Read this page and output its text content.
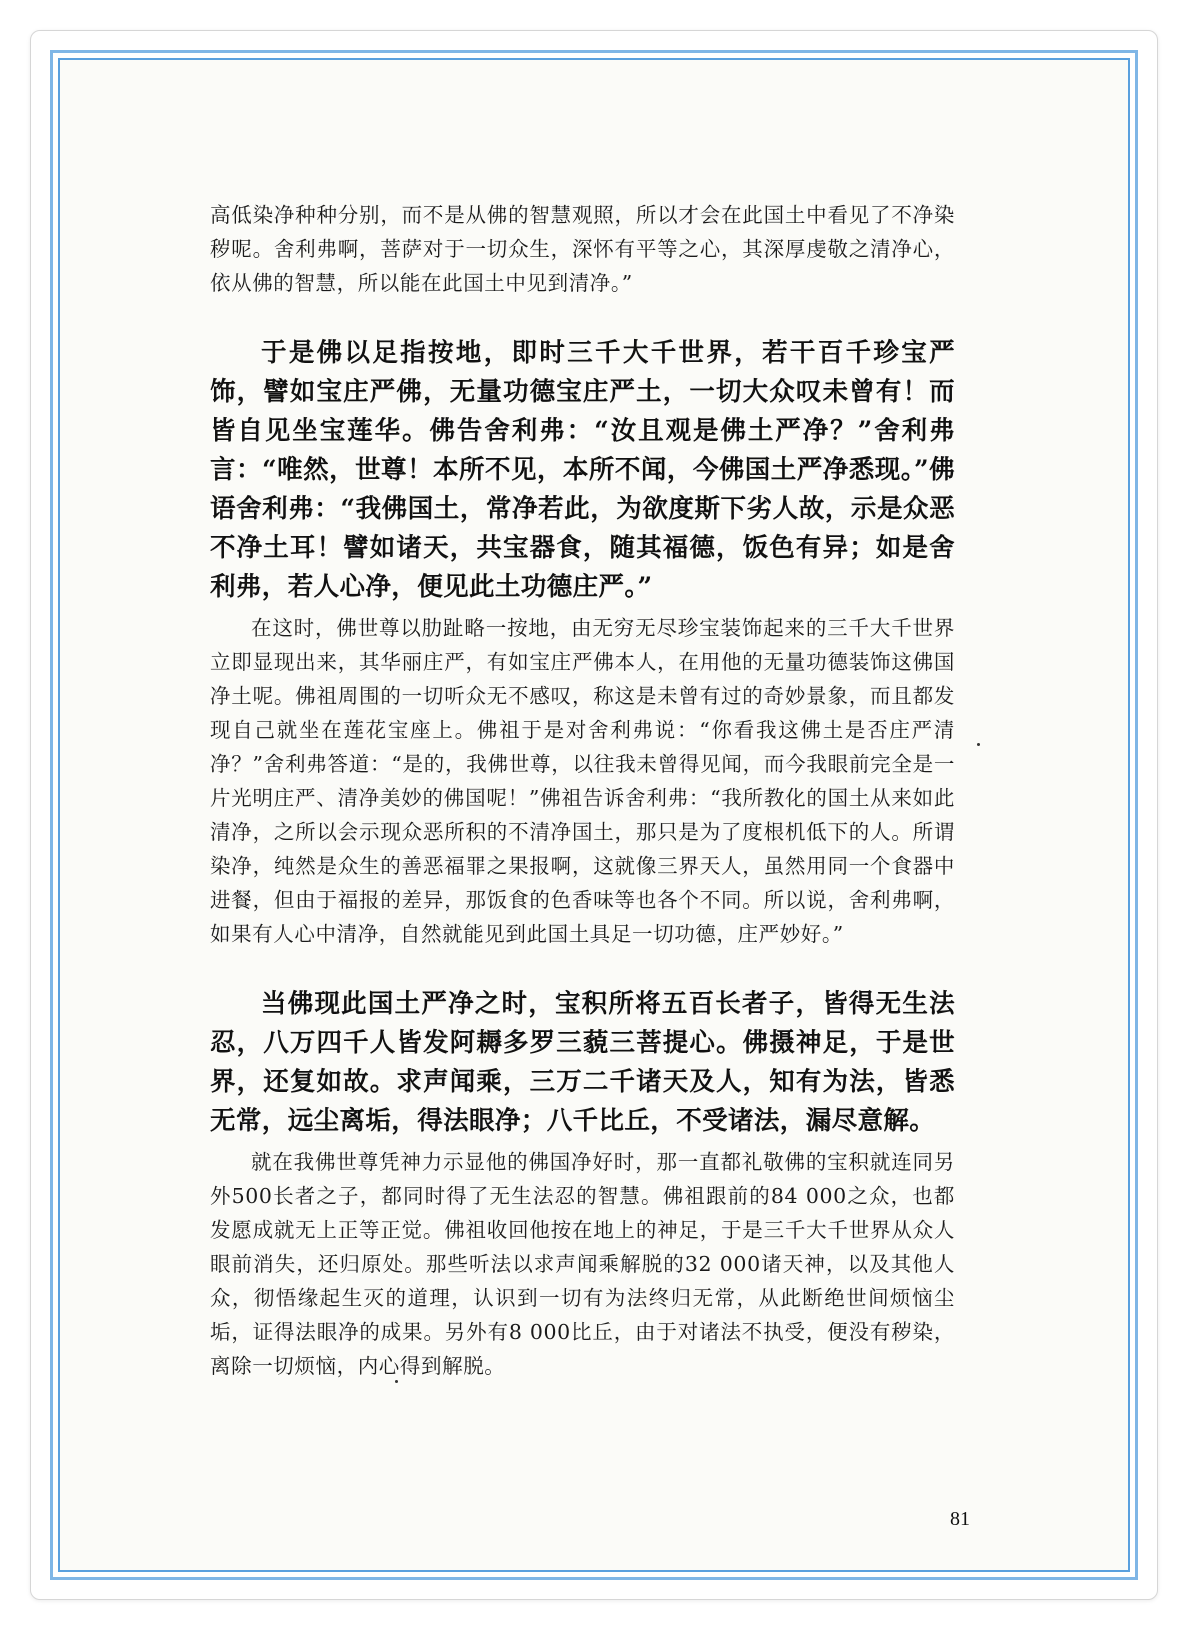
高低染净种种分别，而不是从佛的智慧观照，所以才会在此国土中看见了不净染秽呢。舍利弗啊，菩萨对于一切众生，深怀有平等之心，其深厚虔敬之清净心，依从佛的智慧，所以能在此国土中见到清净。”

于是佛以足指按地，即时三千大千世界，若干百千珍宝严饰，譬如宝庄严佛，无量功德宝庄严土，一切大众叹未曾有！而皆自见坐宝莲华。佛告舍利弗：“汝且观是佛土严净？”舍利弗言：“唯然，世尊！本所不见，本所不闻，今佛国土严净悉现。”佛语舍利弗：“我佛国土，常净若此，为欲度斯下劣人故，示是众恶不净土耳！譬如诸天，共宝器食，随其福德，饭色有异；如是舍利弗，若人心净，便见此土功德庄严。”

在这时，佛世尊以肋趾略一按地，由无穷无尽珍宝装饰起来的三千大千世界立即显现出来，其华丽庄严，有如宝庄严佛本人，在用他的无量功德装饰这佛国净土呢。佛祖周围的一切听众无不感叹，称这是未曾有过的奇妙景象，而且都发现自己就坐在莲花宝座上。佛祖于是对舍利弗说：“你看我这佛土是否庄严清净？”舍利弗答道：“是的，我佛世尊，以往我未曾得见闻，而今我眼前完全是一片光明庄严、清净美妙的佛国呢！”佛祖告诉舍利弗：“我所教化的国土从来如此清净，之所以会示现众恶所积的不清净国土，那只是为了度根机低下的人。所谓染净，纯然是众生的善恶福罪之果报啊，这就像三界天人，虽然用同一个食器中进餐，但由于福报的差异，那饭食的色香味等也各个不同。所以说，舍利弗啊，如果有人心中清净，自然就能见到此国土具足一切功德，庄严妙好。”

当佛现此国土严净之时，宝积所将五百长者子，皆得无生法忍，八万四千人皆发阿耨多罗三藐三菩提心。佛摄神足，于是世界，还复如故。求声闻乘，三万二千诸天及人，知有为法，皆悉无常，远尘离垢，得法眼净；八千比丘，不受诸法，漏尽意解。

就在我佛世尊凭神力示显他的佛国净好时，那一直都礼敬佛的宝积就连同另外500长者之子，都同时得了无生法忍的智慧。佛祖跟前的84 000之众，也都发愿成就无上正等正觉。佛祖收回他按在地上的神足，于是三千大千世界从众人眼前消失，还归原处。那些听法以求声闻乘解脱的32 000诸天神，以及其他人众，彻悟缘起生灭的道理，认识到一切有为法终归无常，从此断绝世间烦恼尘垢，证得法眼净的成果。另外有8 000比丘，由于对诸法不执受，便没有秽染，离除一切烦恼，内心得到解脱。

81
